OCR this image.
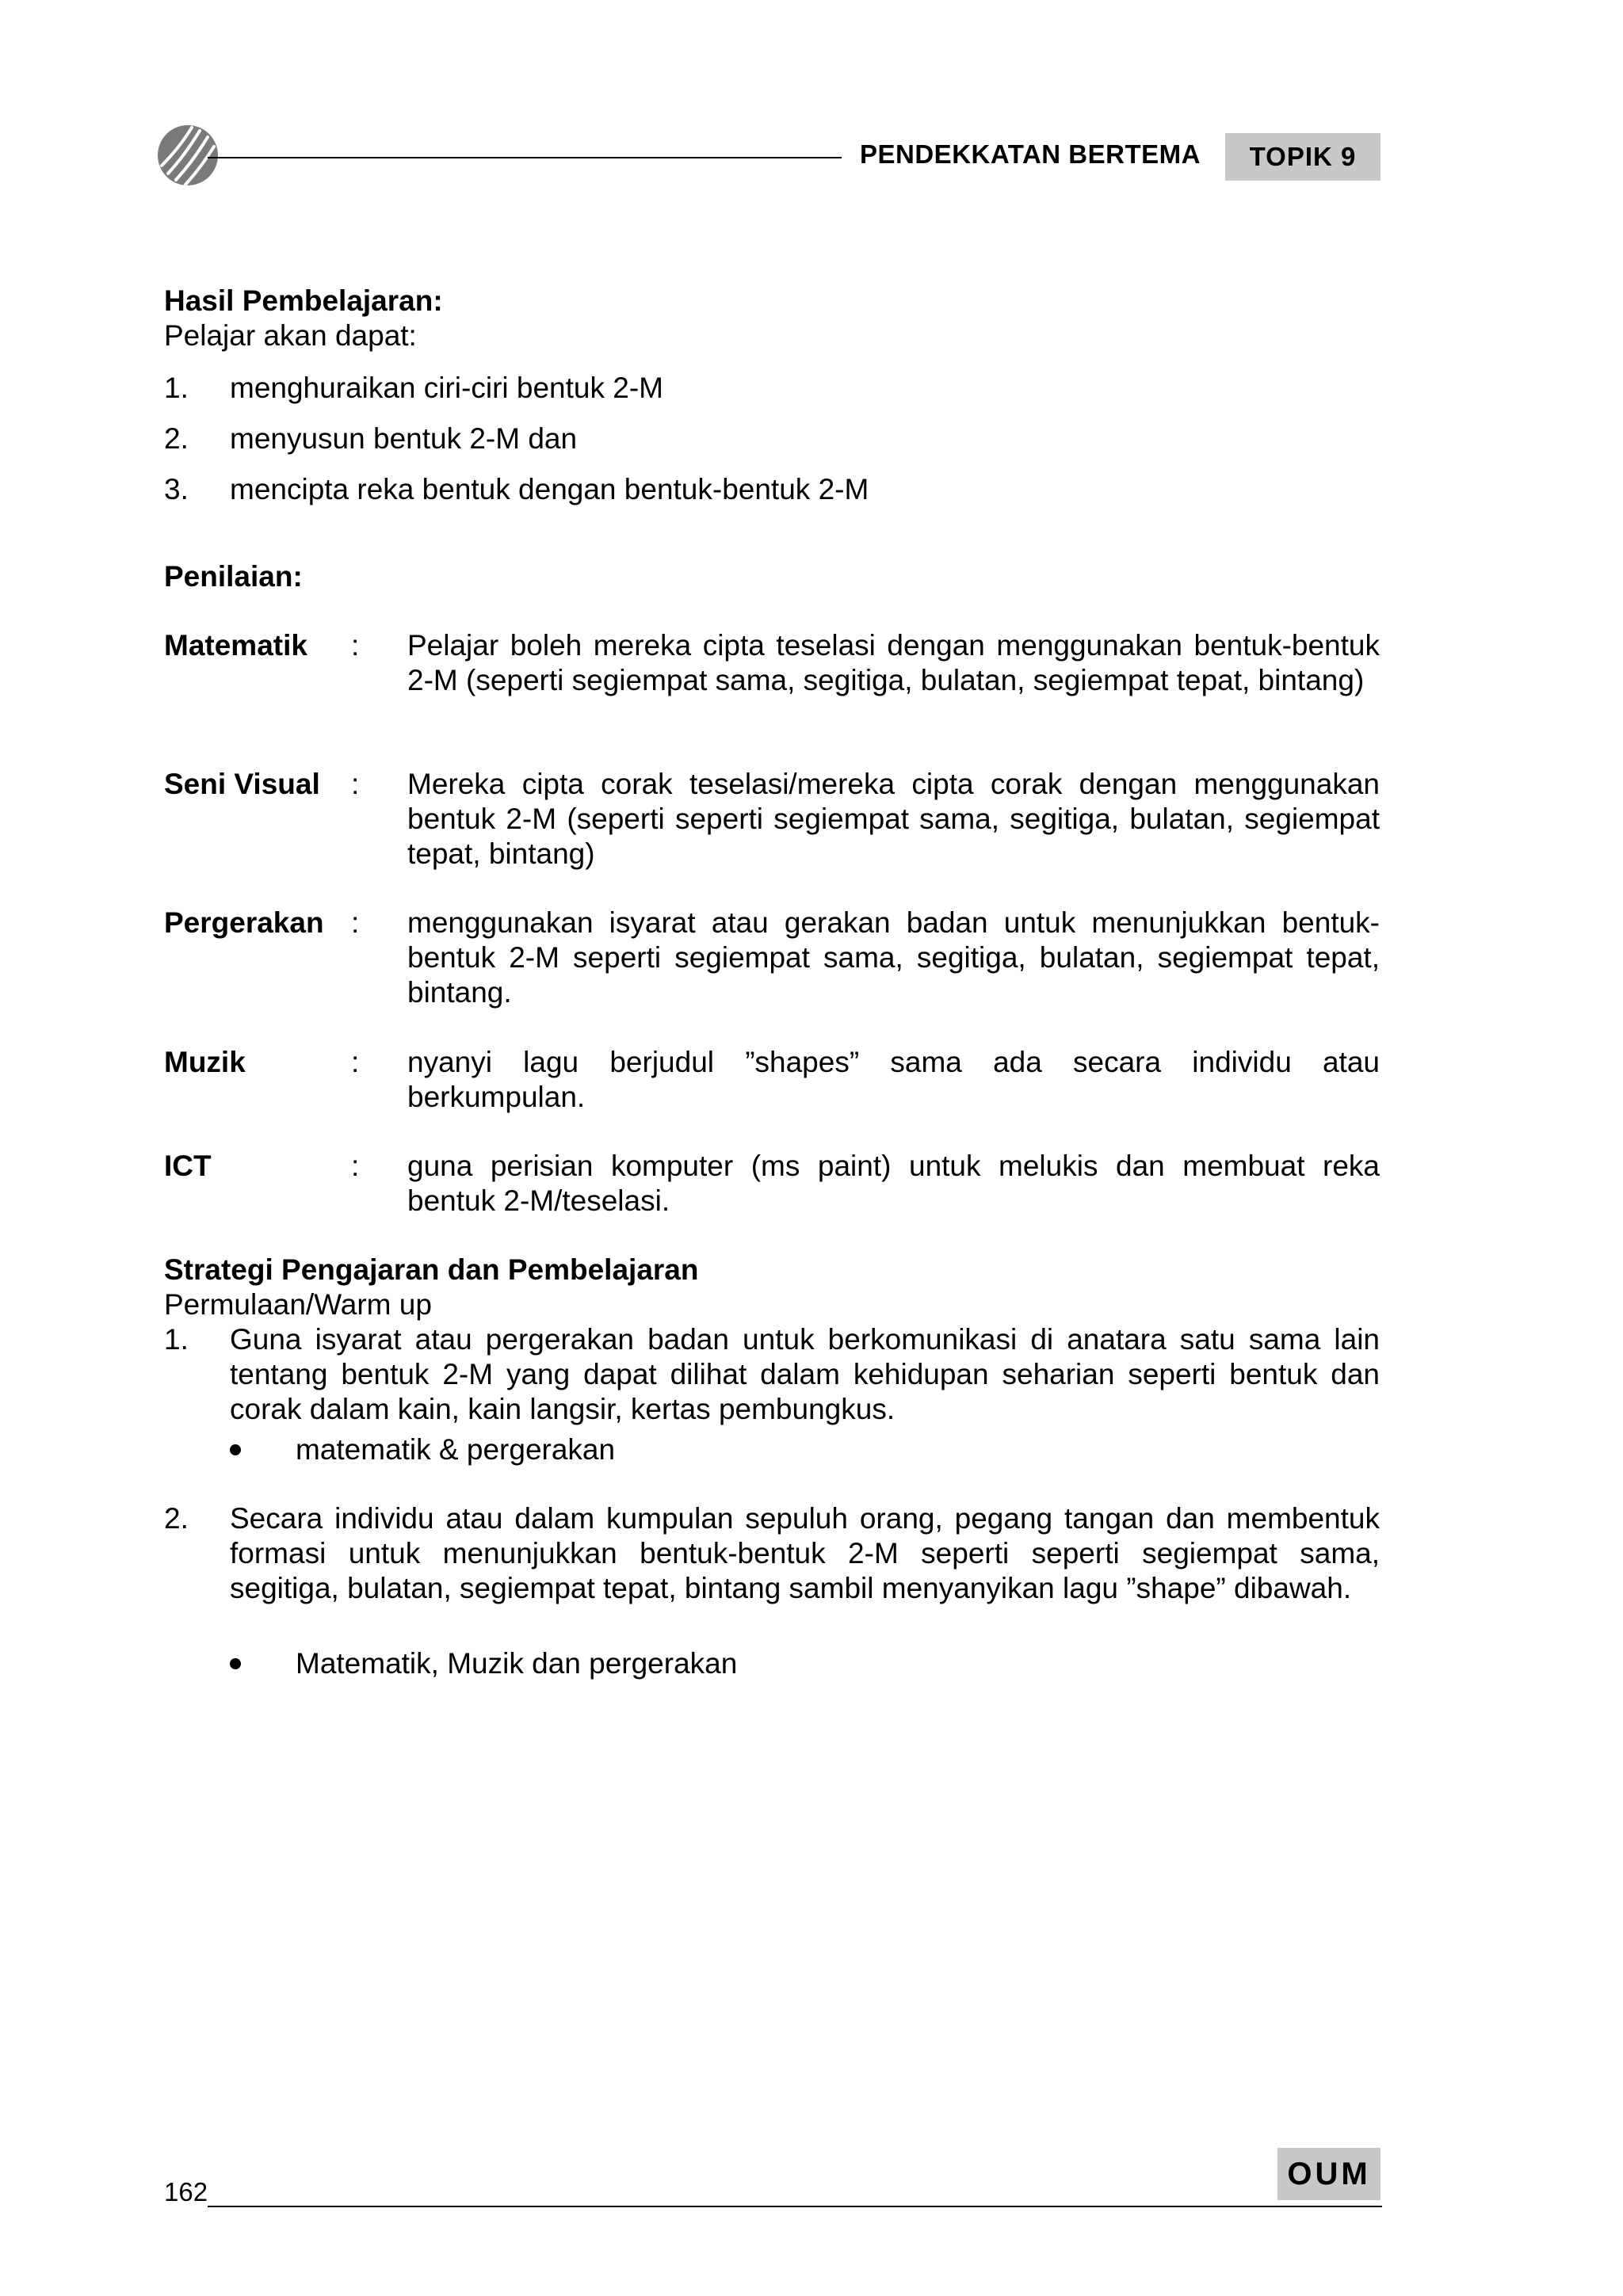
PENDEKKATAN BERTEMA	TOPIK 9
Hasil Pembelajaran:
Pelajar akan dapat:
1. menghuraikan ciri-ciri bentuk 2-M
2. menyusun bentuk 2-M dan
3. mencipta reka bentuk dengan bentuk-bentuk 2-M
Penilaian:
Matematik : Pelajar boleh mereka cipta teselasi dengan menggunakan bentuk-bentuk 2-M (seperti segiempat sama, segitiga, bulatan, segiempat tepat, bintang)
Seni Visual : Mereka cipta corak teselasi/mereka cipta corak dengan menggunakan bentuk 2-M (seperti seperti segiempat sama, segitiga, bulatan, segiempat tepat, bintang)
Pergerakan : menggunakan isyarat atau gerakan badan untuk menunjukkan bentuk-bentuk 2-M seperti segiempat sama, segitiga, bulatan, segiempat tepat, bintang.
Muzik	: nyanyi lagu berjudul ”shapes” sama ada secara individu atau berkumpulan.
ICT	: guna perisian komputer (ms paint) untuk melukis dan membuat reka bentuk 2-M/teselasi.
Strategi Pengajaran dan Pembelajaran
Permulaan/Warm up
1. Guna isyarat atau pergerakan badan untuk berkomunikasi di anatara satu sama lain tentang bentuk 2-M yang dapat dilihat dalam kehidupan seharian seperti bentuk dan corak dalam kain, kain langsir, kertas pembungkus.
matematik & pergerakan
2. Secara individu atau dalam kumpulan sepuluh orang, pegang tangan dan membentuk formasi untuk menunjukkan bentuk-bentuk 2-M seperti seperti segiempat sama, segitiga, bulatan, segiempat tepat, bintang sambil menyanyikan lagu ”shape” dibawah.
Matematik, Muzik dan pergerakan
162
OUM
